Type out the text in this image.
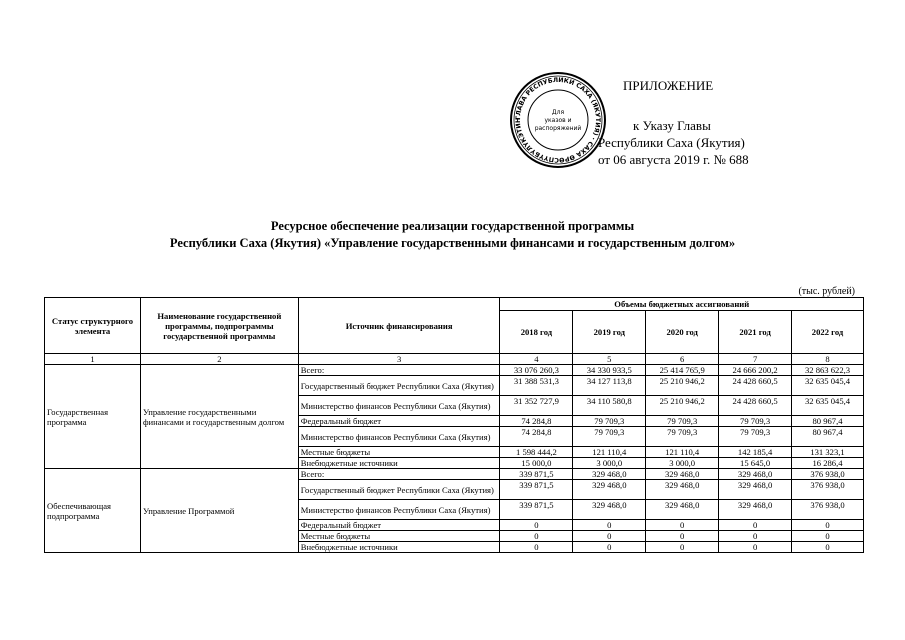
ГЛАВА РЕСПУБЛИКИ САХА (ЯКУТИЯ) · САХА ӨРӨСПҮҮБҮЛҮКЭТИН
Для
указов и
распоряжений
ПРИЛОЖЕНИЕ
к Указу Главы
Республики Саха (Якутия)
от 06 августа 2019 г. № 688
Ресурсное обеспечение реализации государственной программы
Республики Саха (Якутия) «Управление государственными финансами и государственным долгом»
(тыс. рублей)
Статус структурного элемента	Наименование государственной программы, подпрограммы государственной программы	Источник финансирования	Объемы бюджетных ассигнований				
			2018 год	2019 год	2020 год	2021 год	2022 год
1	2	3	4	5	6	7	8
Государственная программа	Управление государственными финансами и государственным долгом	Всего:	33 076 260,3	34 330 933,5	25 414 765,9	24 666 200,2	32 863 622,3
		Государственный бюджет Республики Саха (Якутия)	31 388 531,3	34 127 113,8	25 210 946,2	24 428 660,5	32 635 045,4
		Министерство финансов Республики Саха (Якутия)	31 352 727,9	34 110 580,8	25 210 946,2	24 428 660,5	32 635 045,4
		Федеральный бюджет	74 284,8	79 709,3	79 709,3	79 709,3	80 967,4
		Министерство финансов Республики Саха (Якутия)	74 284,8	79 709,3	79 709,3	79 709,3	80 967,4
		Местные бюджеты	1 598 444,2	121 110,4	121 110,4	142 185,4	131 323,1
		Внебюджетные источники	15 000,0	3 000,0	3 000,0	15 645,0	16 286,4
Обеспечивающая подпрограмма	Управление Программой	Всего:	339 871,5	329 468,0	329 468,0	329 468,0	376 938,0
		Государственный бюджет Республики Саха (Якутия)	339 871,5	329 468,0	329 468,0	329 468,0	376 938,0
		Министерство финансов Республики Саха (Якутия)	339 871,5	329 468,0	329 468,0	329 468,0	376 938,0
		Федеральный бюджет	0	0	0	0	0
		Местные бюджеты	0	0	0	0	0
		Внебюджетные источники	0	0	0	0	0
